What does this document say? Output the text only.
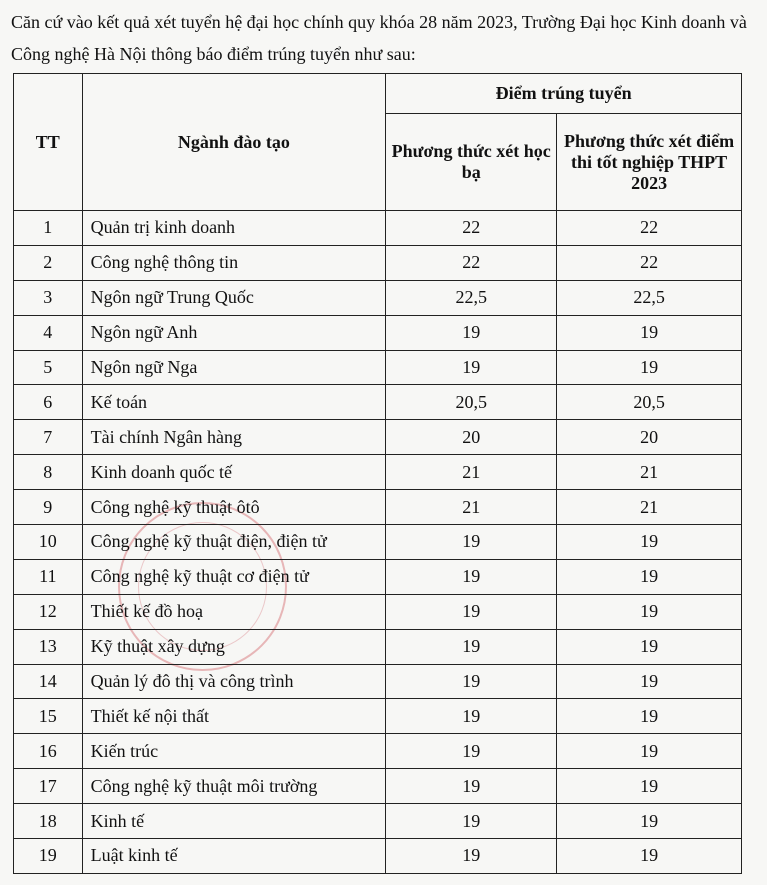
Căn cứ vào kết quả xét tuyển hệ đại học chính quy khóa 28 năm 2023, Trường Đại học Kinh doanh và Công nghệ Hà Nội thông báo điểm trúng tuyển như sau:

TT	Ngành đào tạo	Điểm trúng tuyển	
		Phương thức xét học bạ	Phương thức xét điểm thi tốt nghiệp THPT 2023
1	Quản trị kinh doanh	22	22
2	Công nghệ thông tin	22	22
3	Ngôn ngữ Trung Quốc	22,5	22,5
4	Ngôn ngữ Anh	19	19
5	Ngôn ngữ Nga	19	19
6	Kế toán	20,5	20,5
7	Tài chính Ngân hàng	20	20
8	Kinh doanh quốc tế	21	21
9	Công nghệ kỹ thuật ôtô	21	21
10	Công nghệ kỹ thuật điện, điện tử	19	19
11	Công nghệ kỹ thuật cơ điện tử	19	19
12	Thiết kế đồ hoạ	19	19
13	Kỹ thuật xây dựng	19	19
14	Quản lý đô thị và công trình	19	19
15	Thiết kế nội thất	19	19
16	Kiến trúc	19	19
17	Công nghệ kỹ thuật môi trường	19	19
18	Kinh tế	19	19
19	Luật kinh tế	19	19
